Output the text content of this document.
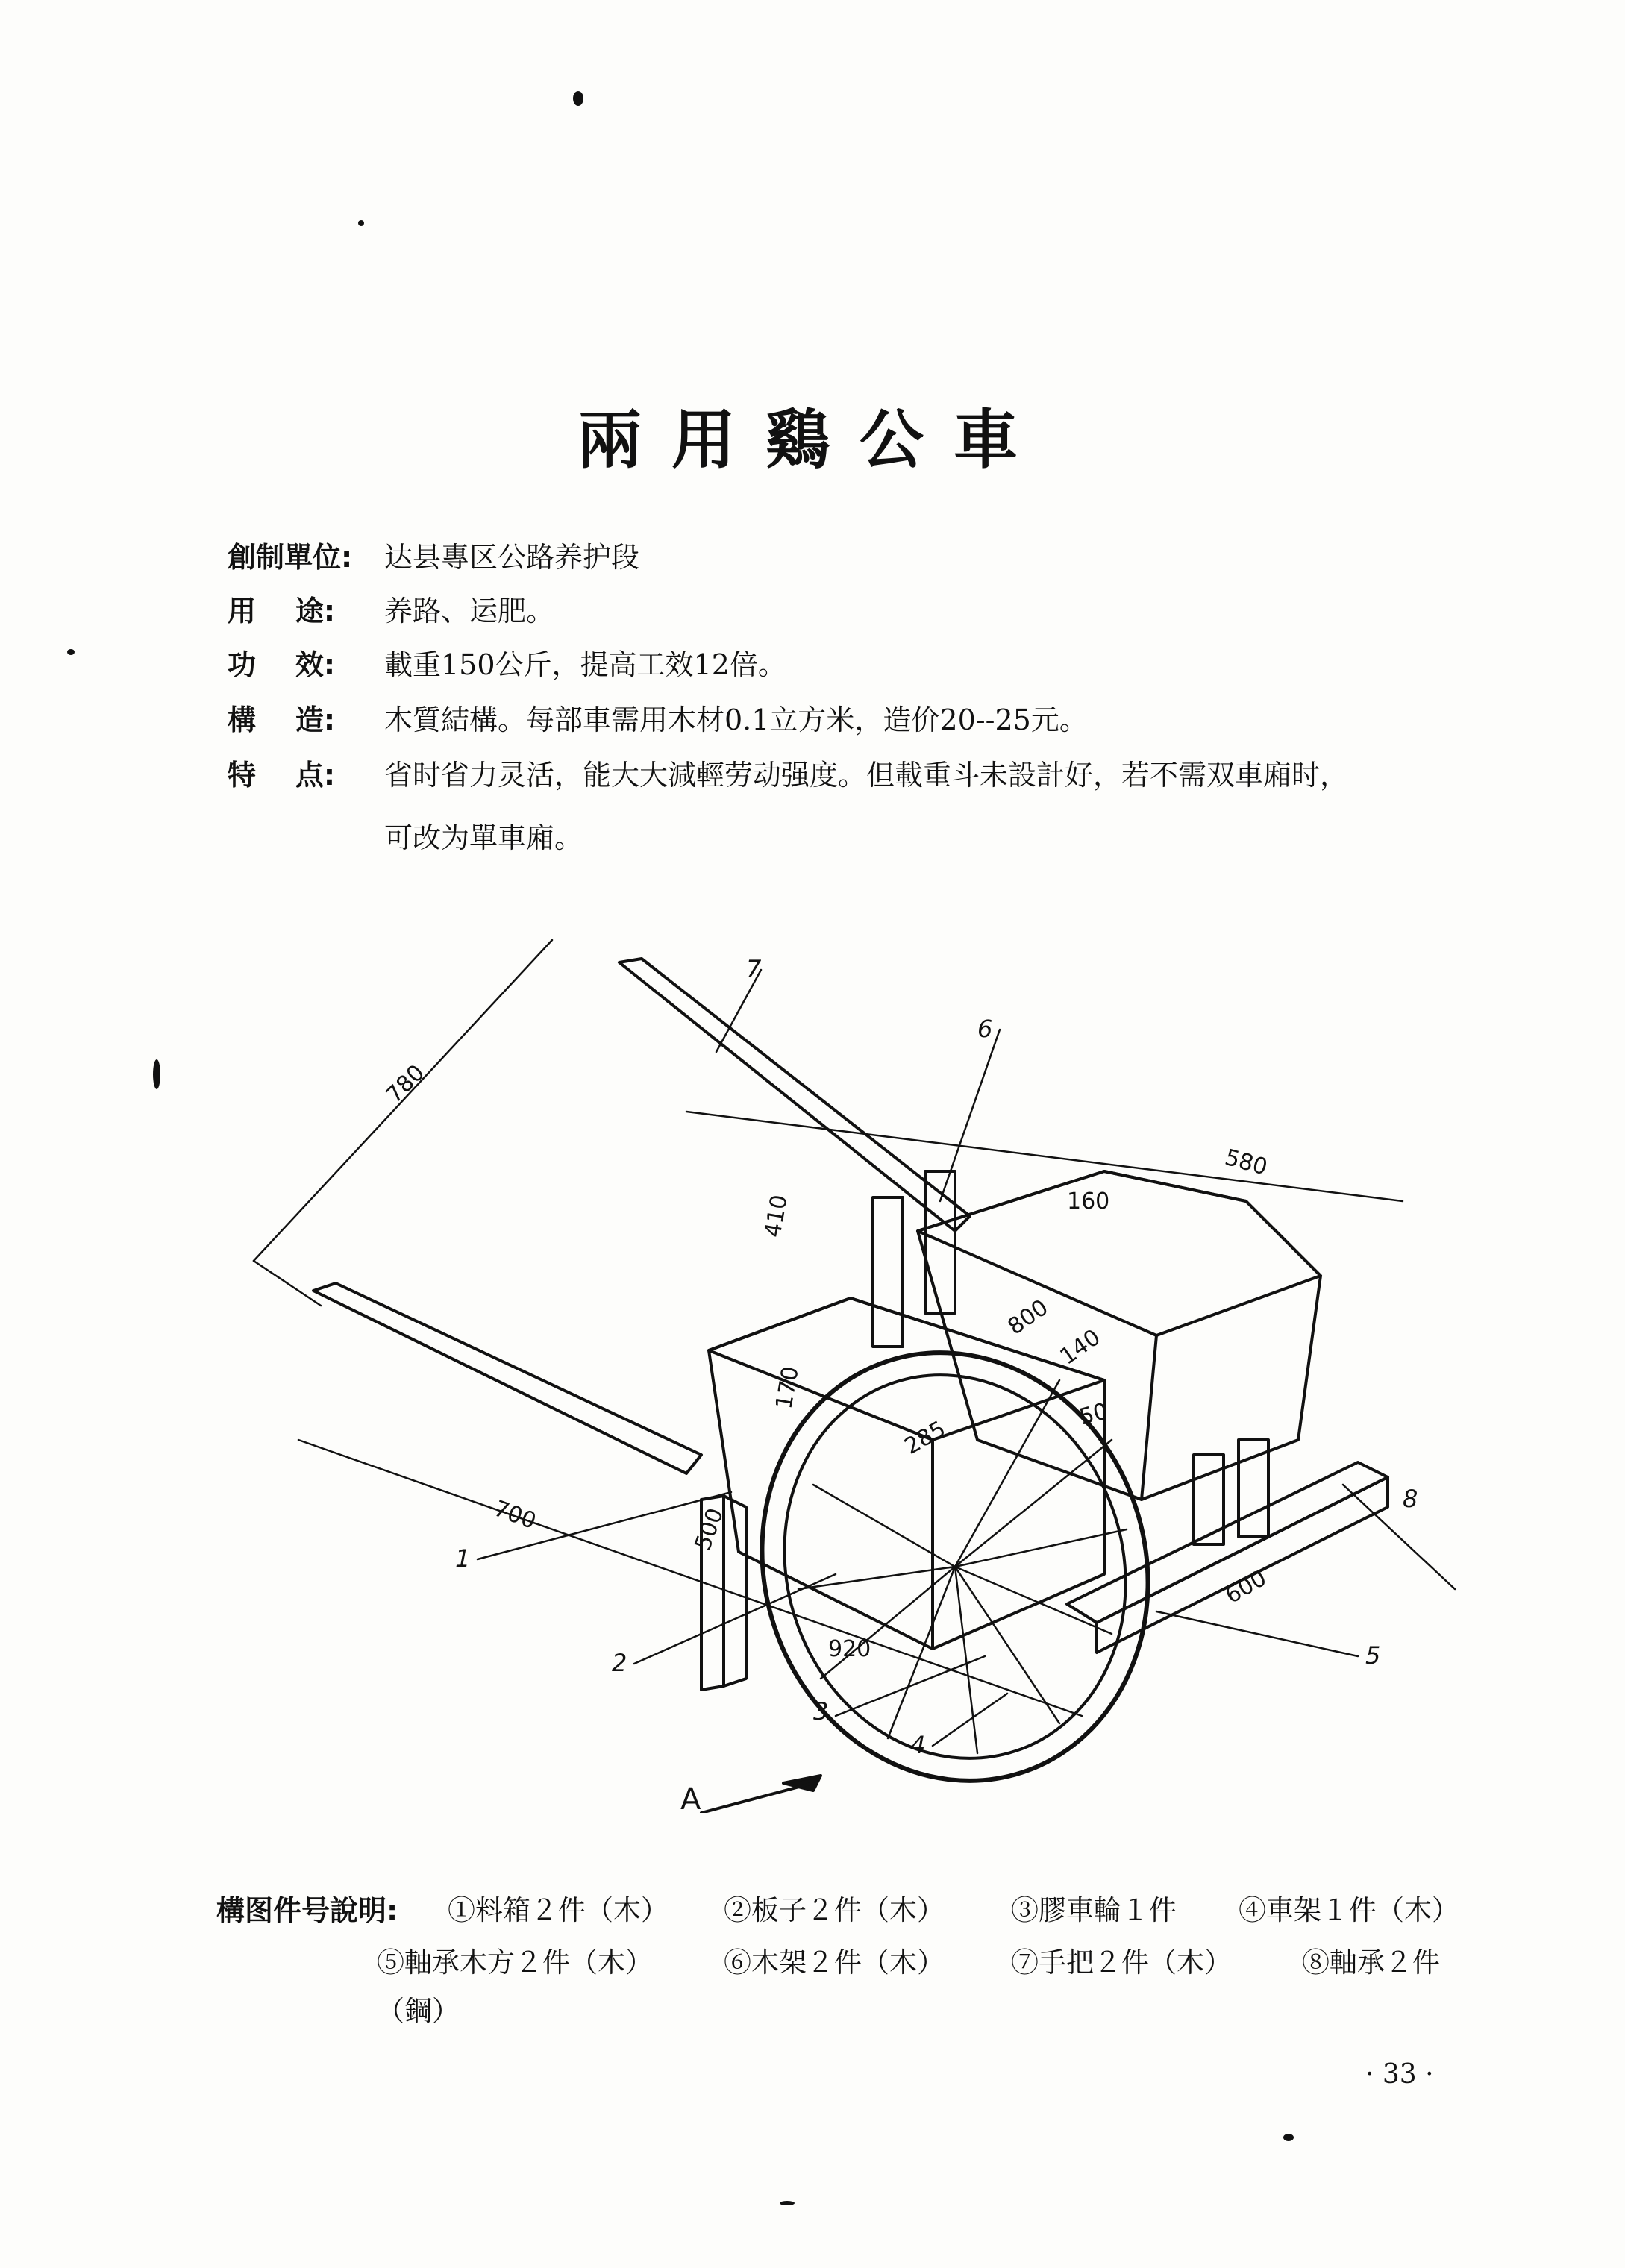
兩用鷄公車
創制單位: 达县專区公路养护段
用    途: 养路、运肥。
功    效: 載重150公斤，提高工效12倍。
構    造: 木質結構。每部車需用木材0.1立方米，造价20--25元。
特    点: 省时省力灵活，能大大減輕劳动强度。但載重斗未設計好，若不需双車廂时，
可改为單車廂。
780
580
160
410
800
140
170
50
285
700	500
920
600
1
2
3
4
5
6
7
8
A
構图件号說明: ①料箱２件（木） ②板子２件（木） ③膠車輪１件 ④車架１件（木）
⑤軸承木方２件（木）	⑥木架２件（木） ⑦手把２件（木）	⑧軸承２件
（鋼）
· 33 ·
